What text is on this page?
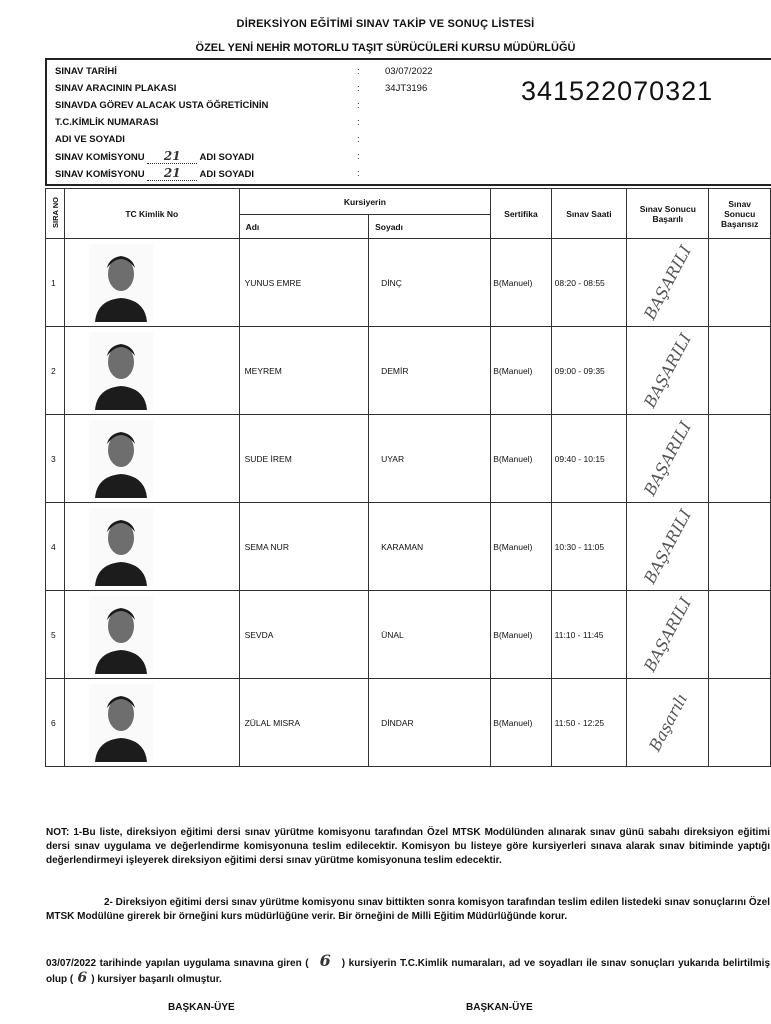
DİREKSİYON EĞİTİMİ SINAV TAKİP VE SONUÇ LİSTESİ
ÖZEL YENİ NEHİR MOTORLU TAŞIT SÜRÜCÜLERİ KURSU MÜDÜRLÜĞÜ
SINAV TARİHİ	:	03/07/2022
SINAV ARACININ PLAKASI	:	34JT3196
SINAVDA GÖREV ALACAK USTA ÖĞRETİCİNİN	:
T.C.KİMLİK NUMARASI	:
ADI VE SOYADI	:
SINAV KOMİSYONU 21 ADI SOYADI	:
SINAV KOMİSYONU 21 ADI SOYADI	:
341522070321
SIRA NO	TC Kimlik No	Kursiyerin		Sertifika	Sınav Saati	Sınav Sonucu Başarılı	Sınav Sonucu Başarısız
		Adı	Soyadı				
1		YUNUS EMRE	DİNÇ	B(Manuel)	08:20 - 08:55	BAŞARILI	
2		MEYREM	DEMİR	B(Manuel)	09:00 - 09:35	BAŞARILI	
3		SUDE İREM	UYAR	B(Manuel)	09:40 - 10:15	BAŞARILI	
4		SEMA NUR	KARAMAN	B(Manuel)	10:30 - 11:05	BAŞARILI	
5		SEVDA	ÜNAL	B(Manuel)	11:10 - 11:45	BAŞARILI	
6		ZÜLAL MISRA	DİNDAR	B(Manuel)	11:50 - 12:25	Başarılı	
NOT: 1-Bu liste, direksiyon eğitimi dersi sınav yürütme komisyonu tarafından Özel MTSK Modülünden alınarak sınav günü sabahı direksiyon eğitimi dersi sınav uygulama ve değerlendirme komisyonuna teslim edilecektir. Komisyon bu listeye göre kursiyerleri sınava alarak sınav bitiminde yaptığı değerlendirmeyi işleyerek direksiyon eğitimi dersi sınav yürütme komisyonuna teslim edecektir.
2- Direksiyon eğitimi dersi sınav yürütme komisyonu sınav bittikten sonra komisyon tarafından teslim edilen listedeki sınav sonuçlarını Özel MTSK Modülüne girerek bir örneğini kurs müdürlüğüne verir. Bir örneğini de Milli Eğitim Müdürlüğünde korur.
03/07/2022 tarihinde yapılan uygulama sınavına giren ( 6 ) kursiyerin T.C.Kimlik numaraları, ad ve soyadları ile sınav sonuçları yukarıda belirtilmiş olup ( 6 ) kursiyer başarılı olmuştur.
BAŞKAN-ÜYE	BAŞKAN-ÜYE
